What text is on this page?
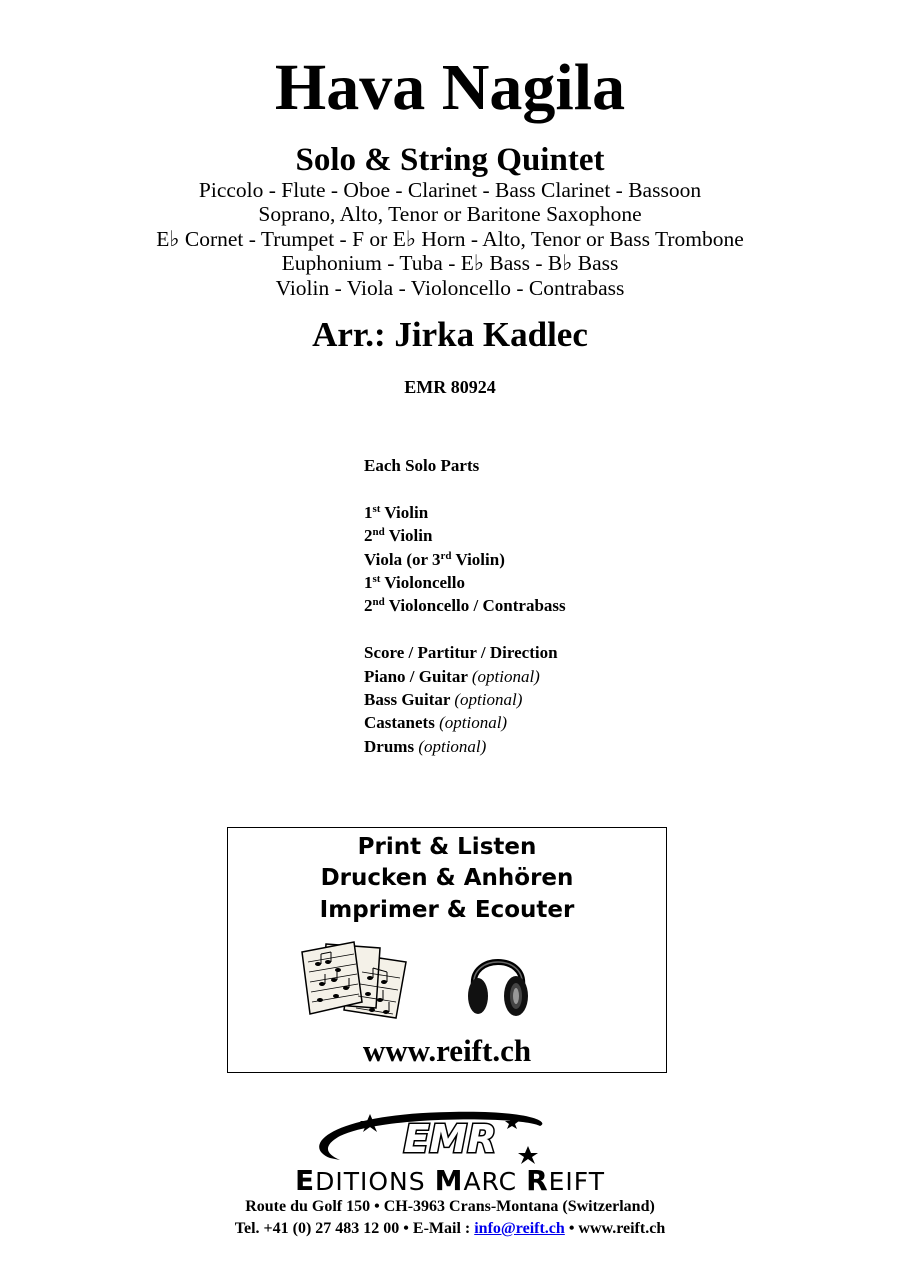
Hava Nagila
Solo & String Quintet
Piccolo - Flute - Oboe - Clarinet - Bass Clarinet - Bassoon
Soprano, Alto, Tenor or Baritone Saxophone
E♭ Cornet - Trumpet - F or E♭ Horn - Alto, Tenor or Bass Trombone
Euphonium - Tuba - E♭ Bass - B♭ Bass
Violin - Viola - Violoncello - Contrabass
Arr.: Jirka Kadlec
EMR 80924
Each Solo Parts
1st Violin
2nd Violin
Viola (or 3rd Violin)
1st Violoncello
2nd Violoncello / Contrabass
Score / Partitur / Direction
Piano / Guitar (optional)
Bass Guitar (optional)
Castanets (optional)
Drums (optional)
Print & Listen
Drucken & Anhören
Imprimer & Ecouter
www.reift.ch
EMR
EDITIONS MARC REIFT
Route du Golf 150 • CH-3963 Crans-Montana (Switzerland)
Tel. +41 (0) 27 483 12 00 • E-Mail : info@reift.ch • www.reift.ch
